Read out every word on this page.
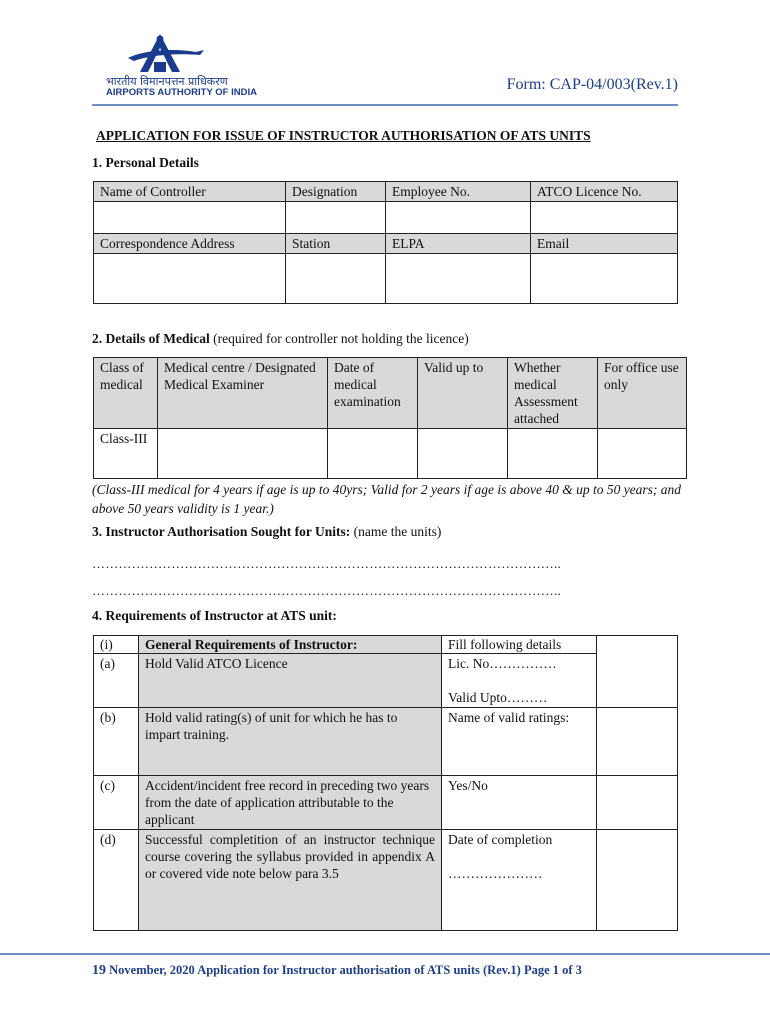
भारतीय विमानपत्तन प्राधिकरण
AIRPORTS AUTHORITY OF INDIA	Form: CAP-04/003(Rev.1)
APPLICATION FOR ISSUE OF INSTRUCTOR AUTHORISATION OF ATS UNITS
1. Personal Details
Name of Controller	Designation	Employee No.	ATCO Licence No.

Correspondence Address	Station	ELPA	Email

2. Details of Medical (required for controller not holding the licence)
Class of medical	Medical centre / Designated Medical Examiner	Date of medical examination	Valid up to	Whether medical Assessment attached	For office use only
Class-III					
(Class-III medical for 4 years if age is up to 40yrs; Valid for 2 years if age is above 40 & up to 50 years; and above 50 years validity is 1 year.)
3. Instructor Authorisation Sought for Units: (name the units)
……………………………………………………………………………………………..
……………………………………………………………………………………………..
4. Requirements of Instructor at ATS unit:
(i)	General Requirements of Instructor:	Fill following details	
(a)	Hold Valid ATCO Licence	Lic. No……………
Valid Upto………	

(b)	Hold valid rating(s) of unit for which he has to impart training.	Name of valid ratings:	
(c)	Accident/incident free record in preceding two years from the date of application attributable to the applicant	Yes/No	
(d)	Successful completition of an instructor technique course covering the syllabus provided in appendix A or covered vide note below para 3.5	Date of completion
…………………	

19 November, 2020 Application for Instructor authorisation of ATS units (Rev.1) Page 1 of 3
